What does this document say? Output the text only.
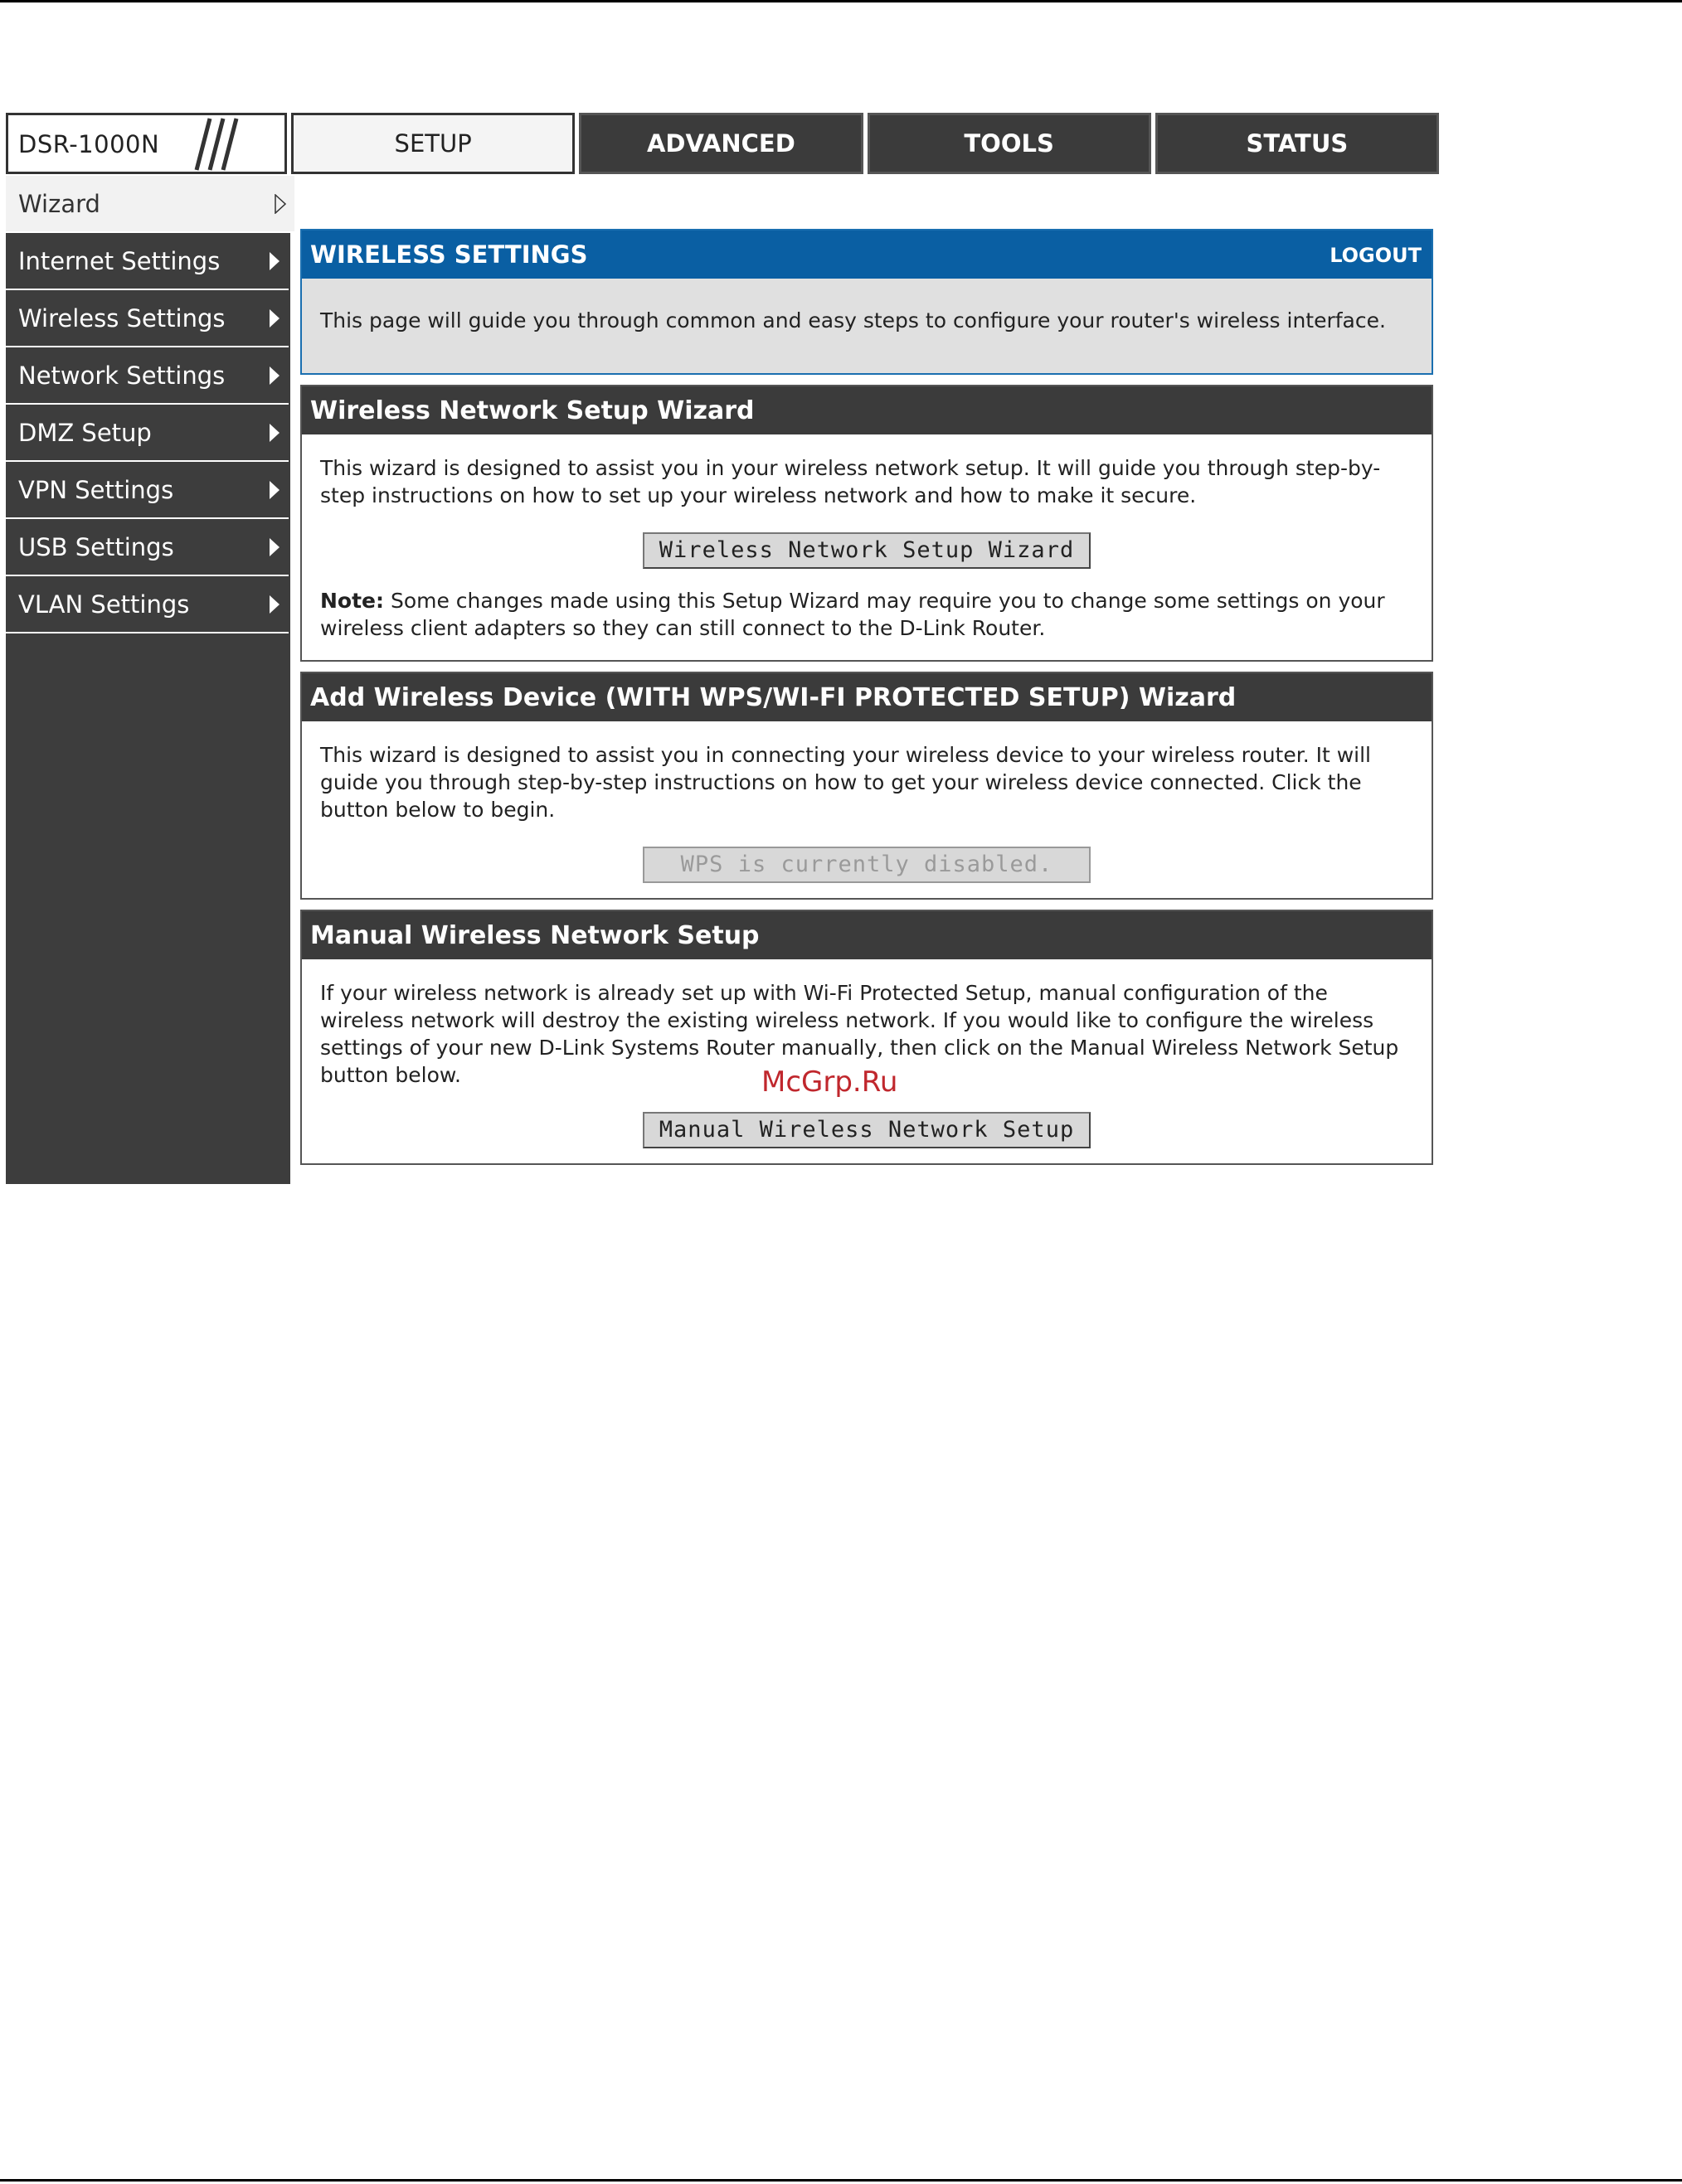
DSR-1000N	SETUP	ADVANCED	TOOLS	STATUS
Wizard
Internet Settings
Wireless Settings
Network Settings
DMZ Setup
VPN Settings
USB Settings
VLAN Settings
WIRELESS SETTINGS	LOGOUT
This page will guide you through common and easy steps to configure your router's wireless interface.
Wireless Network Setup Wizard

This wizard is designed to assist you in your wireless network setup. It will guide you through step-by-step instructions on how to set up your wireless network and how to make it secure.

Wireless Network Setup Wizard

Note: Some changes made using this Setup Wizard may require you to change some settings on your wireless client adapters so they can still connect to the D-Link Router.

Add Wireless Device (WITH WPS/WI-FI PROTECTED SETUP) Wizard

This wizard is designed to assist you in connecting your wireless device to your wireless router. It will guide you through step-by-step instructions on how to get your wireless device connected. Click the button below to begin.

WPS is currently disabled.
Manual Wireless Network Setup

If your wireless network is already set up with Wi-Fi Protected Setup, manual configuration of the wireless network will destroy the existing wireless network. If you would like to configure the wireless settings of your new D-Link Systems Router manually, then click on the Manual Wireless Network Setup button below.

Manual Wireless Network Setup
McGrp.Ru
